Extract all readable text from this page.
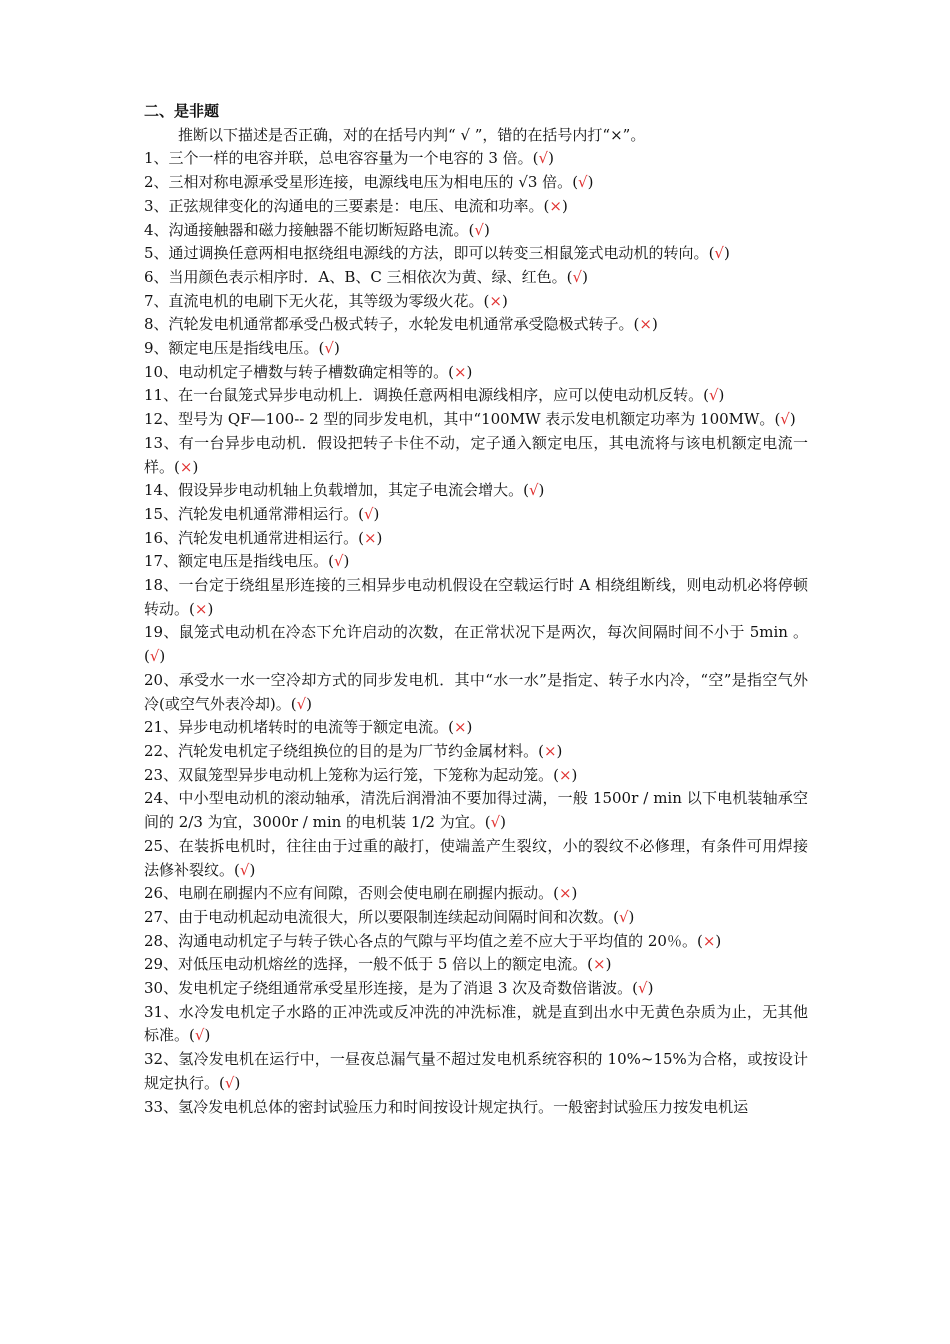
二、是非题

推断以下描述是否正确，对的在括号内判“ √ ”，错的在括号内打“×”。

1、三个一样的电容并联，总电容容量为一个电容的 3 倍。(√)

2、三相对称电源承受星形连接，电源线电压为相电压的 √3 倍。(√)

3、正弦规律变化的沟通电的三要素是：电压、电流和功率。(×)

4、沟通接触器和磁力接触器不能切断短路电流。(√)

5、通过调换任意两相电抠绕组电源线的方法，即可以转变三相鼠笼式电动机的转向。(√)

6、当用颜色表示相序时．A、B、C 三相依次为黄、绿、红色。(√)

7、直流电机的电刷下无火花，其等级为零级火花。(×)

8、汽轮发电机通常都承受凸极式转子，水轮发电机通常承受隐极式转子。(×)

9、额定电压是指线电压。(√)

10、电动机定子槽数与转子槽数确定相等的。(×)

11、在一台鼠笼式异步电动机上．调换任意两相电源线相序，应可以使电动机反转。(√)

12、型号为 QF—100-- 2 型的同步发电机，其中“100MW 表示发电机额定功率为 100MW。(√)

13、有一台异步电动机．假设把转子卡住不动，定子通入额定电压，其电流将与该电机额定电流一样。(×)

14、假设异步电动机轴上负载增加，其定子电流会增大。(√)

15、汽轮发电机通常滞相运行。(√)

16、汽轮发电机通常进相运行。(×)

17、额定电压是指线电压。(√)

18、一台定于绕组星形连接的三相异步电动机假设在空载运行时 A 相绕组断线，则电动机必将停顿转动。(×)

19、鼠笼式电动机在冷态下允许启动的次数，在正常状况下是两次，每次间隔时间不小于 5min 。(√)

20、承受水一水一空冷却方式的同步发电机．其中“水一水”是指定、转子水内冷，“空”是指空气外冷(或空气外表冷却)。(√)

21、异步电动机堵转时的电流等于额定电流。(×)

22、汽轮发电机定子绕组换位的目的是为厂节约金属材料。(×)

23、双鼠笼型异步电动机上笼称为运行笼，下笼称为起动笼。(×)

24、中小型电动机的滚动轴承，清洗后润滑油不要加得过满，一般 1500r / min 以下电机装轴承空间的 2/3 为宜，3000r / min 的电机装 1/2 为宜。(√)

25、在装拆电机时，往往由于过重的敲打，使端盖产生裂纹，小的裂纹不必修理，有条件可用焊接法修补裂纹。(√)

26、电刷在刷握内不应有间隙，否则会使电刷在刷握内振动。(×)

27、由于电动机起动电流很大，所以要限制连续起动间隔时间和次数。(√)

28、沟通电动机定子与转子铁心各点的气隙与平均值之差不应大于平均值的 20％。(×)

29、对低压电动机熔丝的选择，一般不低于 5 倍以上的额定电流。(×)

30、发电机定子绕组通常承受星形连接，是为了消退 3 次及奇数倍谐波。(√)

31、水冷发电机定子水路的正冲洗或反冲洗的冲洗标准，就是直到出水中无黄色杂质为止，无其他标准。(√)

32、氢冷发电机在运行中，一昼夜总漏气量不超过发电机系统容积的 10%~15%为合格，或按设计规定执行。(√)

33、氢冷发电机总体的密封试验压力和时间按设计规定执行。一般密封试验压力按发电机运
